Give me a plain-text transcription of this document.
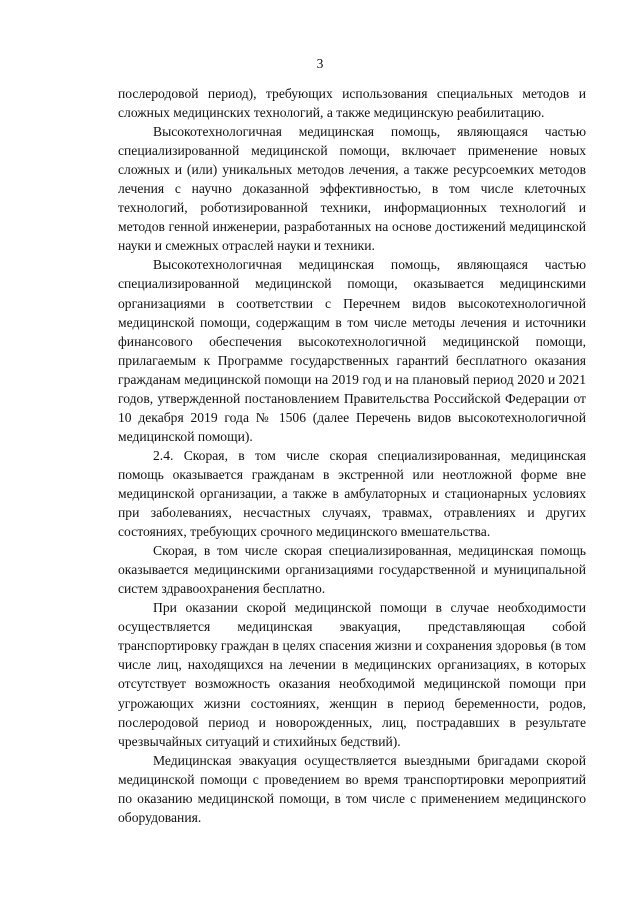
3

послеродовой период), требующих использования специальных методов и сложных медицинских технологий, а также медицинскую реабилитацию.

Высокотехнологичная медицинская помощь, являющаяся частью специализированной медицинской помощи, включает применение новых сложных и (или) уникальных методов лечения, а также ресурсоемких методов лечения с научно доказанной эффективностью, в том числе клеточных технологий, роботизированной техники, информационных технологий и методов генной инженерии, разработанных на основе достижений медицинской науки и смежных отраслей науки и техники.

Высокотехнологичная медицинская помощь, являющаяся частью специализированной медицинской помощи, оказывается медицинскими организациями в соответствии с Перечнем видов высокотехнологичной медицинской помощи, содержащим в том числе методы лечения и источники финансового обеспечения высокотехнологичной медицинской помощи, прилагаемым к Программе государственных гарантий бесплатного оказания гражданам медицинской помощи на 2019 год и на плановый период 2020 и 2021 годов, утвержденной постановлением Правительства Российской Федерации от 10 декабря 2019 года № 1506 (далее Перечень видов высокотехнологичной медицинской помощи).

2.4. Скорая, в том числе скорая специализированная, медицинская помощь оказывается гражданам в экстренной или неотложной форме вне медицинской организации, а также в амбулаторных и стационарных условиях при заболеваниях, несчастных случаях, травмах, отравлениях и других состояниях, требующих срочного медицинского вмешательства.

Скорая, в том числе скорая специализированная, медицинская помощь оказывается медицинскими организациями государственной и муниципальной систем здравоохранения бесплатно.

При оказании скорой медицинской помощи в случае необходимости осуществляется медицинская эвакуация, представляющая собой транспортировку граждан в целях спасения жизни и сохранения здоровья (в том числе лиц, находящихся на лечении в медицинских организациях, в которых отсутствует возможность оказания необходимой медицинской помощи при угрожающих жизни состояниях, женщин в период беременности, родов, послеродовой период и новорожденных, лиц, пострадавших в результате чрезвычайных ситуаций и стихийных бедствий).

Медицинская эвакуация осуществляется выездными бригадами скорой медицинской помощи с проведением во время транспортировки мероприятий по оказанию медицинской помощи, в том числе с применением медицинского оборудования.
